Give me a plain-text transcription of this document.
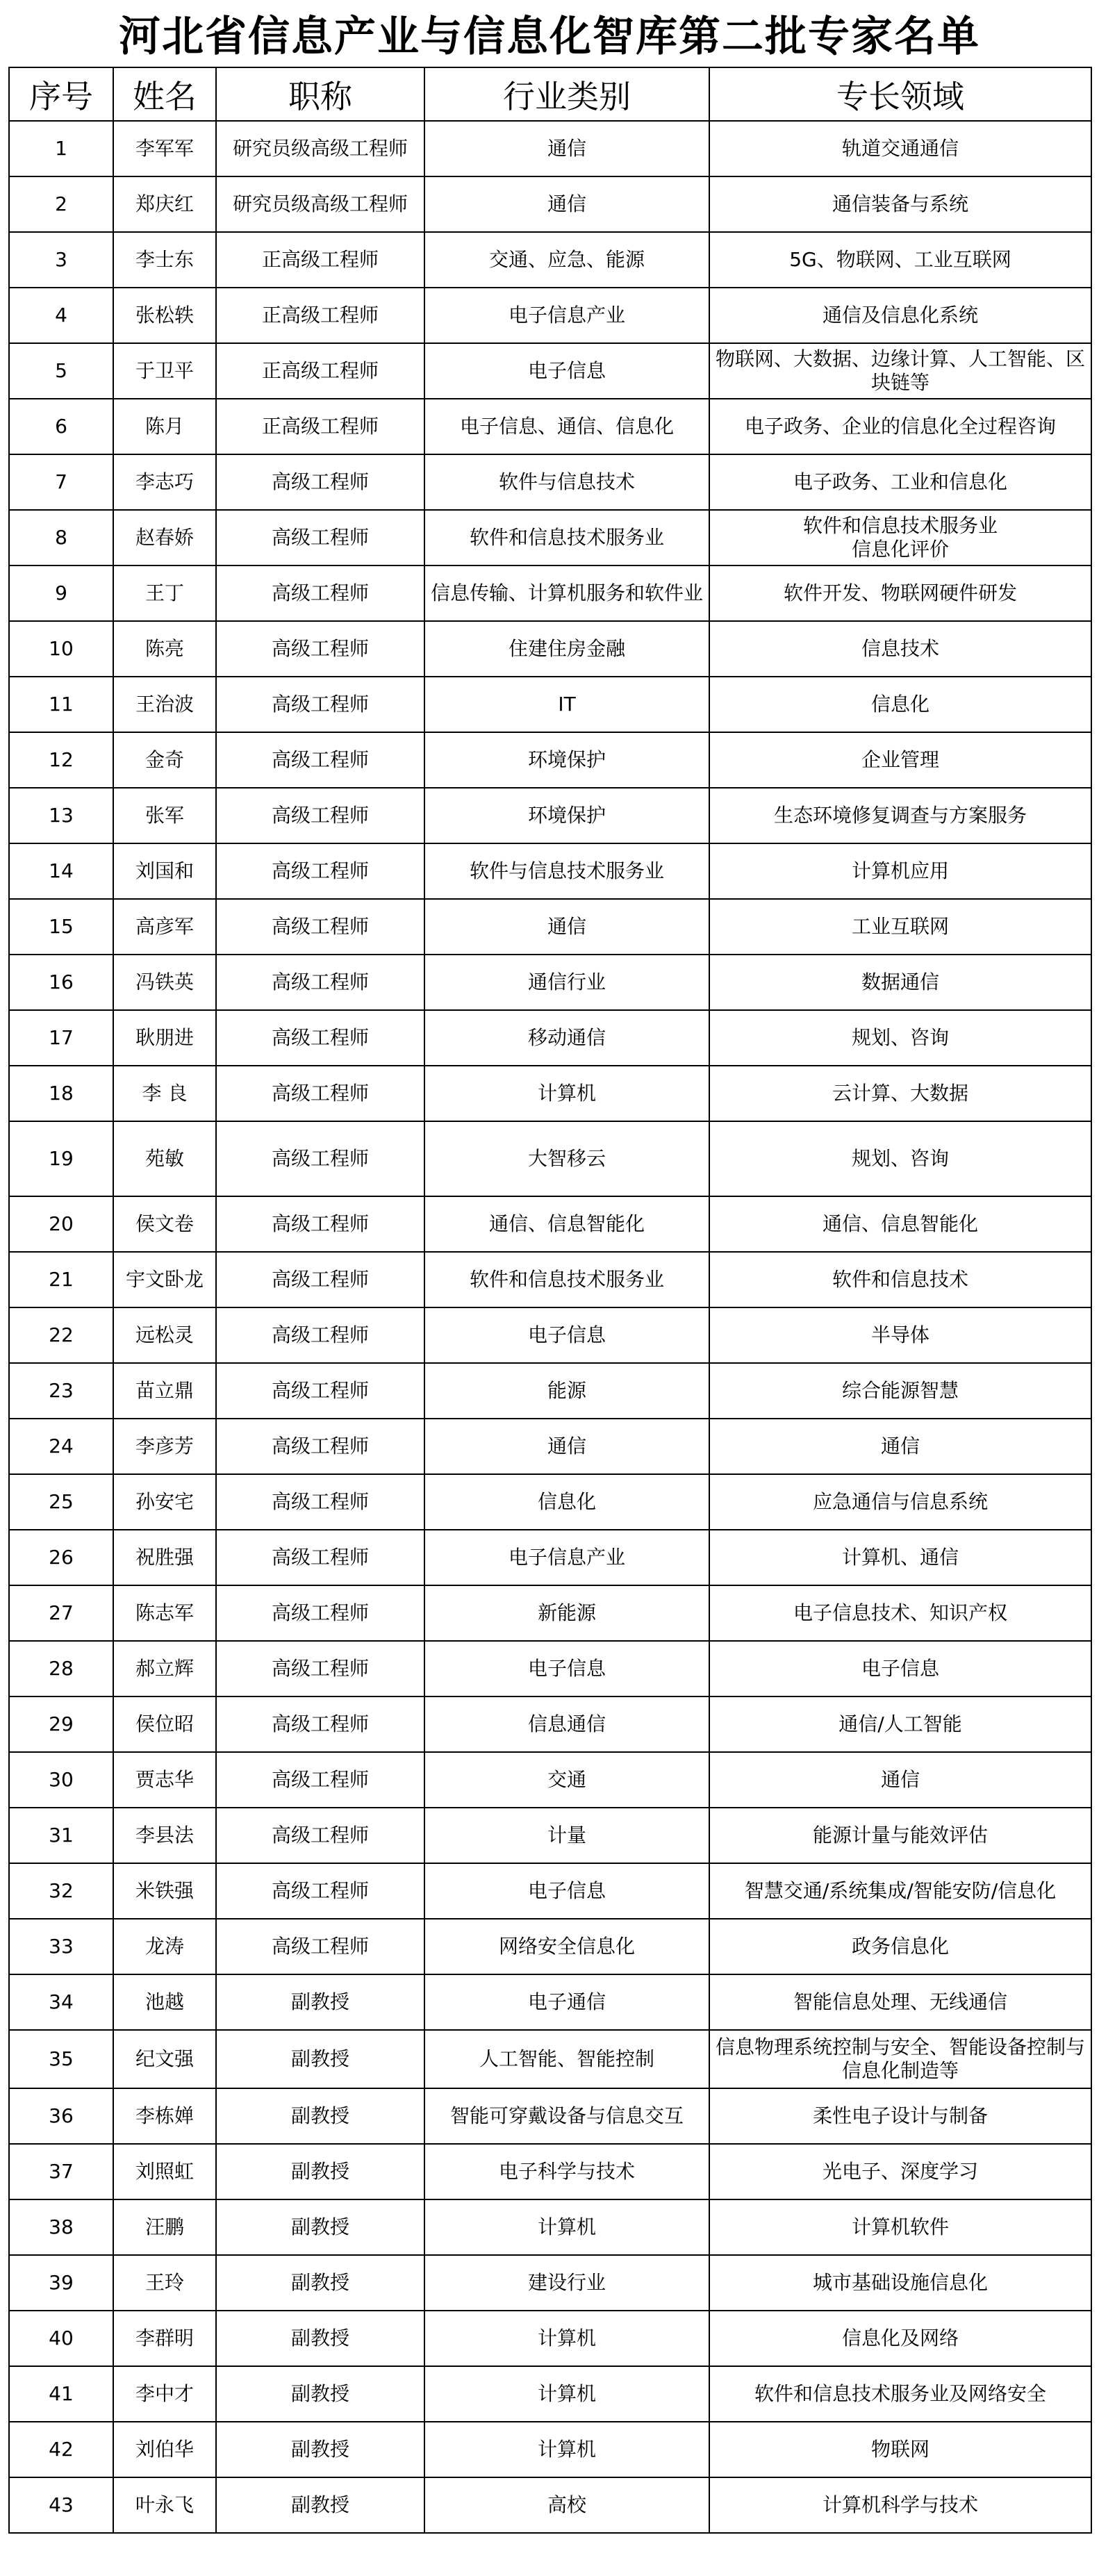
河北省信息产业与信息化智库第二批专家名单
序号	姓名	职称	行业类别	专长领域
1	李军军	研究员级高级工程师	通信	轨道交通通信
2	郑庆红	研究员级高级工程师	通信	通信装备与系统
3	李士东	正高级工程师	交通、应急、能源	5G、物联网、工业互联网
4	张松轶	正高级工程师	电子信息产业	通信及信息化系统
5	于卫平	正高级工程师	电子信息	物联网、大数据、边缘计算、人工智能、区块链等
6	陈月	正高级工程师	电子信息、通信、信息化	电子政务、企业的信息化全过程咨询
7	李志巧	高级工程师	软件与信息技术	电子政务、工业和信息化
8	赵春娇	高级工程师	软件和信息技术服务业	软件和信息技术服务业
信息化评价
9	王丁	高级工程师	信息传输、计算机服务和软件业	软件开发、物联网硬件研发
10	陈亮	高级工程师	住建住房金融	信息技术
11	王治波	高级工程师	IT	信息化
12	金奇	高级工程师	环境保护	企业管理
13	张军	高级工程师	环境保护	生态环境修复调查与方案服务
14	刘国和	高级工程师	软件与信息技术服务业	计算机应用
15	高彦军	高级工程师	通信	工业互联网
16	冯铁英	高级工程师	通信行业	数据通信
17	耿朋进	高级工程师	移动通信	规划、咨询
18	李 良	高级工程师	计算机	云计算、大数据
19	苑敏	高级工程师	大智移云	规划、咨询
20	侯文卷	高级工程师	通信、信息智能化	通信、信息智能化
21	宇文卧龙	高级工程师	软件和信息技术服务业	软件和信息技术
22	远松灵	高级工程师	电子信息	半导体
23	苗立鼎	高级工程师	能源	综合能源智慧
24	李彦芳	高级工程师	通信	通信
25	孙安宅	高级工程师	信息化	应急通信与信息系统
26	祝胜强	高级工程师	电子信息产业	计算机、通信
27	陈志军	高级工程师	新能源	电子信息技术、知识产权
28	郝立辉	高级工程师	电子信息	电子信息
29	侯位昭	高级工程师	信息通信	通信/人工智能
30	贾志华	高级工程师	交通	通信
31	李县法	高级工程师	计量	能源计量与能效评估
32	米铁强	高级工程师	电子信息	智慧交通/系统集成/智能安防/信息化
33	龙涛	高级工程师	网络安全信息化	政务信息化
34	池越	副教授	电子通信	智能信息处理、无线通信
35	纪文强	副教授	人工智能、智能控制	信息物理系统控制与安全、智能设备控制与信息化制造等
36	李栋婵	副教授	智能可穿戴设备与信息交互	柔性电子设计与制备
37	刘照虹	副教授	电子科学与技术	光电子、深度学习
38	汪鹏	副教授	计算机	计算机软件
39	王玲	副教授	建设行业	城市基础设施信息化
40	李群明	副教授	计算机	信息化及网络
41	李中才	副教授	计算机	软件和信息技术服务业及网络安全
42	刘伯华	副教授	计算机	物联网
43	叶永飞	副教授	高校	计算机科学与技术
